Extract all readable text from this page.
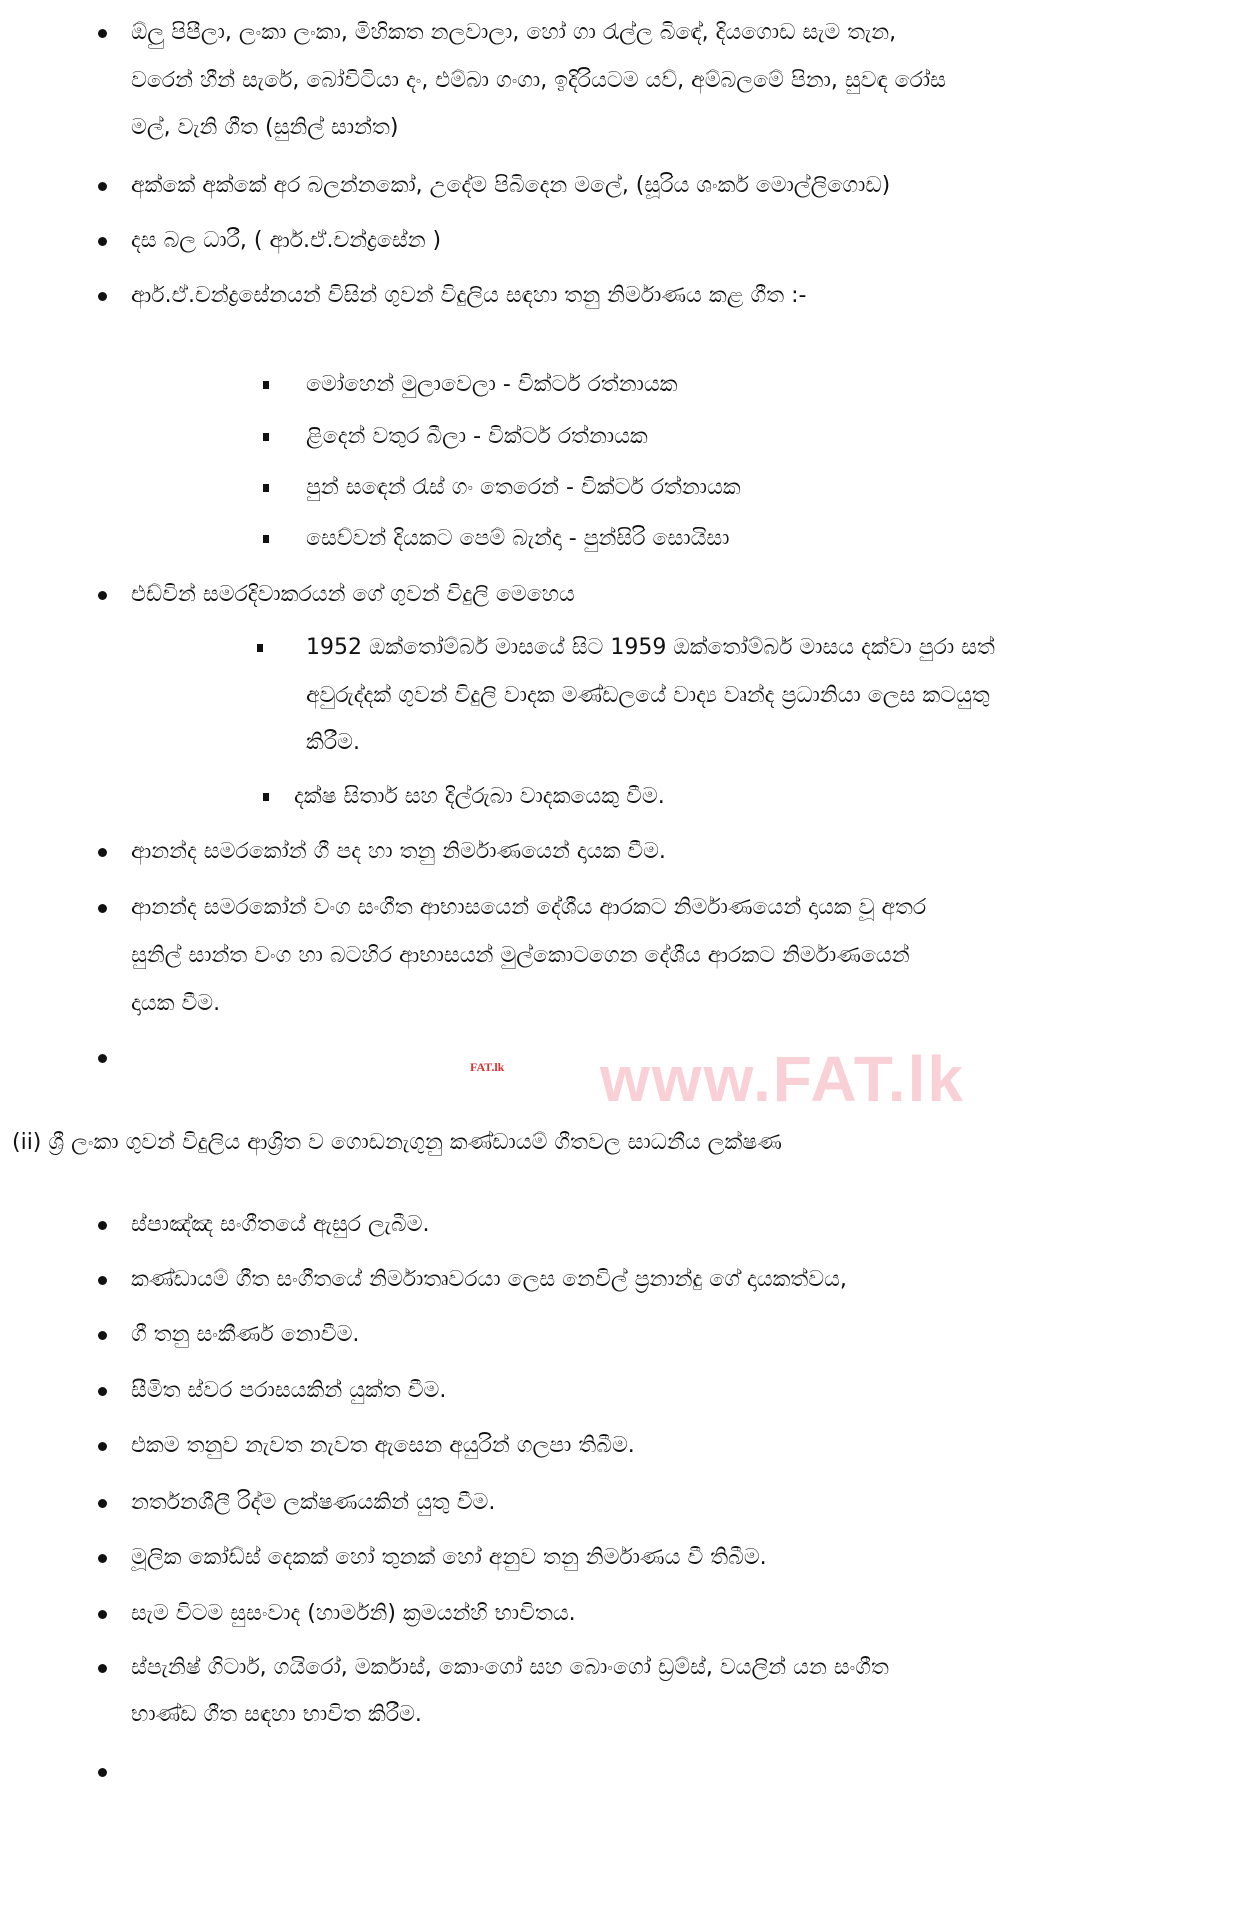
ඕලු පිපීලා, ලංකා ලංකා, මිහිකත නලවාලා, හෝ ගා රැල්ල බිඳේ, දියගොඩ සැම තැන,
වරෙන් හීන් සැරේ, බෝවිටියා දං, එම්බා ගංගා, ඉදිරියටම යව්, අම්බලමේ පිනා, සුවඳ රෝස
මල්, වැනි ගීත (සුනිල් සාන්ත)
අක්කේ අක්කේ අර බලන්නකෝ, උදේම පිබිදෙන මලේ, (සූරිය ශංකර් මොල්ලිගොඩ)
දස බල ධාරී, ( ආර්.ඒ.චන්ද්‍රසේන )
ආර්.ඒ.චන්ද්‍රසේනයන් විසින් ගුවන් විදුලිය සඳහා තනු නිර්මාණය කළ ගීත :-
මෝහෙන් මුලාවෙලා - වික්ටර් රත්නායක
ළිදෙන් වතුර බීලා - වික්ටර් රත්නායක
පුන් සඳෙන් රැස් ගං තෙරෙන් - වික්ටර් රත්නායක
සෙව්වන් දියකට පෙම් බැන්දා - පුන්සිරි සොයිසා
එඩ්වින් සමරදිවාකරයන් ගේ ගුවන් විදුලි මෙහෙය
1952 ඔක්තෝම්බර් මාසයේ සිට 1959 ඔක්තෝම්බර් මාසය දක්වා පුරා සත්
අවුරුද්දක් ගුවන් විදුලි වාදක මණ්ඩලයේ වාද්‍ය වෘන්ද ප්‍රධානියා ලෙස කටයුතු
කිරීම.
දක්ෂ සිතාර් සහ දිල්රුබා වාදකයෙකු වීම.
ආනන්ද සමරකෝන් ගී පද හා තනු නිර්මාණයෙන් දායක වීම.
ආනන්ද සමරකෝන් වංග සංගීත ආභාසයෙන් දේශීය ආරකට නිර්මාණයෙන් දායක වූ අතර
සුනිල් සාන්ත වංග හා බටහිර ආභාසයන් මුල්කොටගෙන දේශීය ආරකට නිර්මාණයෙන්
දායක වීම.
(ii) ශ්‍රී ලංකා ගුවන් විදුලිය ආශ්‍රිත ව ගොඩනැගුනු කණ්ඩායම් ගීතවල සාධනීය ලක්ෂණ
ස්පාඤ්ඤ සංගීතයේ ඇසුර ලැබීම.
කණ්ඩායම් ගීත සංගීතයේ නිර්මාතෘවරයා ලෙස නෙවිල් ප්‍රනාන්දු ගේ දායකත්වය,
ගී තනු සංකීර්ණ නොවීම.
සීමිත ස්වර පරාසයකින් යුක්ත වීම.
එකම තනුව නැවත නැවත ඇසෙන අයුරින් ගලපා තිබීම.
නර්තනශීලී රිද්ම ලක්ෂණයකින් යුතු වීම.
මූලික කෝඩ්ස් දෙකක් හෝ තුනක් හෝ අනුව තනු නිර්මාණය වී තිබීම.
සැම විටම සුසංවාද (හාර්මනි) ක්‍රමයන්හි භාවිතය.
ස්පැනිෂ් ගිටාර්, ගයිරෝ, මර්කාස්, කොංගෝ සහ බොංගෝ ඩ්‍රම්ස්, වයලින් යන සංගීත
භාණ්ඩ ගීත සඳහා භාවිත කිරීම.
www.FAT.lk
FAT.lk
